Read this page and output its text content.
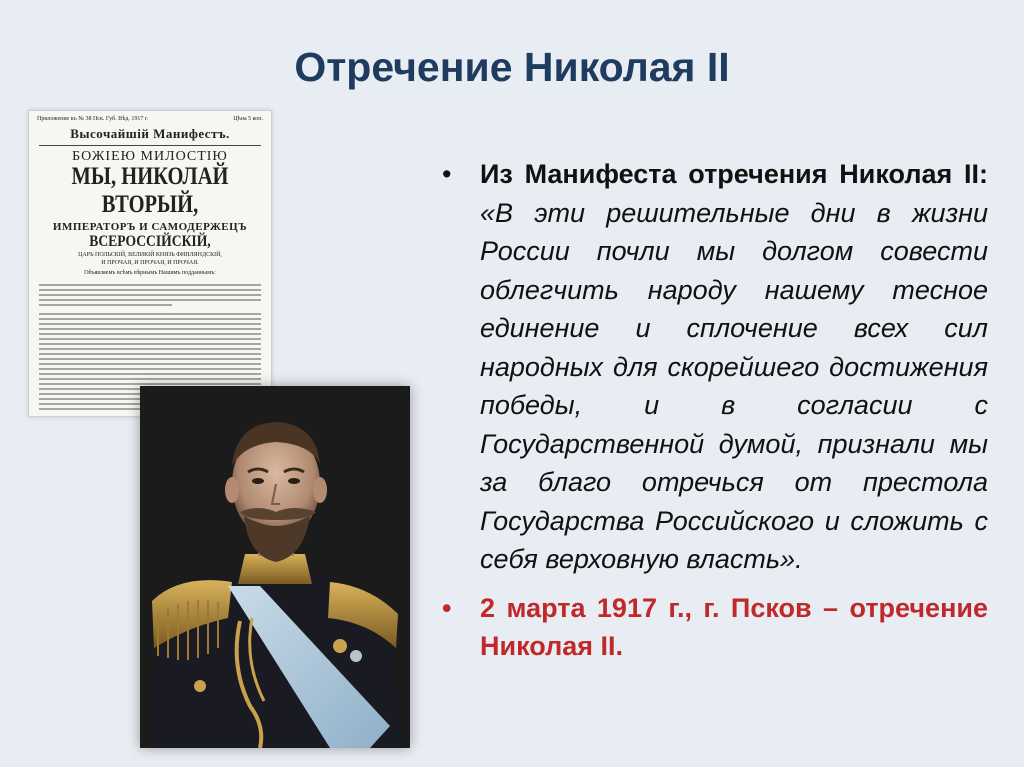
Отречение Николая II
Приложение къ № 38 Пск. Губ. Вѣд. 1917 г.	Цѣна 5 коп.
Высочайшій Манифестъ.
БОЖІЕЮ МИЛОСТІЮ
МЫ, НИКОЛАЙ ВТОРЫЙ,
ИМПЕРАТОРЪ И САМОДЕРЖЕЦЪ
ВСЕРОССІЙСКІЙ,
ЦАРЬ ПОЛЬСКІЙ, ВЕЛИКІЙ КНЯЗЬ ФИНЛЯНДСКІЙ,
И ПРОЧАЯ, И ПРОЧАЯ, И ПРОЧАЯ.
Объявляемъ всѣмъ вѣрнымъ Нашимъ подданнымъ:
• Из Манифеста отречения Николая II: «В эти решительные дни в жизни России почли мы долгом совести облегчить народу нашему тесное единение и сплочение всех сил народных для скорейшего достижения победы, и в согласии с Государственной думой, признали мы за благо отречься от престола Государства Российского и сложить с себя верховную власть».
• 2 марта 1917 г., г. Псков – отречение Николая II.
